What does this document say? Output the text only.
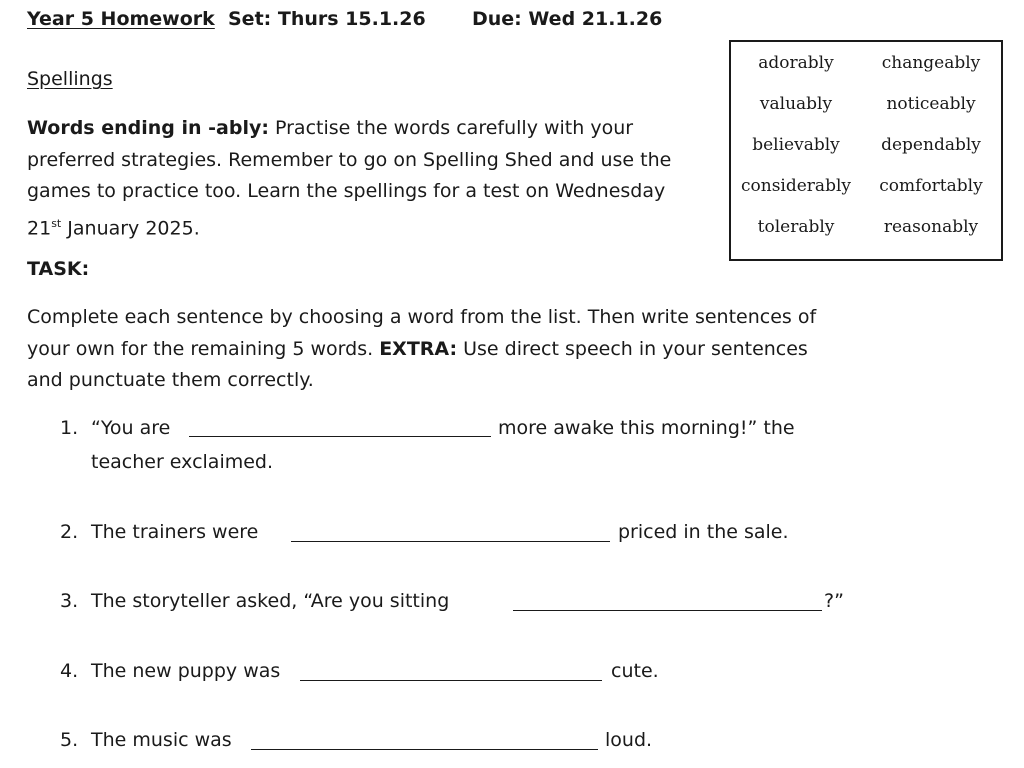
Year 5 Homework Set: Thurs 15.1.26 Due: Wed 21.1.26
Spellings
Words ending in -ably: Practise the words carefully with your
preferred strategies. Remember to go on Spelling Shed and use the
games to practice too. Learn the spellings for a test on Wednesday
21st January 2025.
adorably	changeably
valuably	noticeably
believably	dependably
considerably	comfortably
tolerably	reasonably
TASK:
Complete each sentence by choosing a word from the list. Then write sentences of
your own for the remaining 5 words. EXTRA: Use direct speech in your sentences
and punctuate them correctly.
1. “You are	more awake this morning!” the
teacher exclaimed.
2. The trainers were	priced in the sale.
3. The storyteller asked, “Are you sitting	?”
4. The new puppy was	cute.
5. The music was	loud.
